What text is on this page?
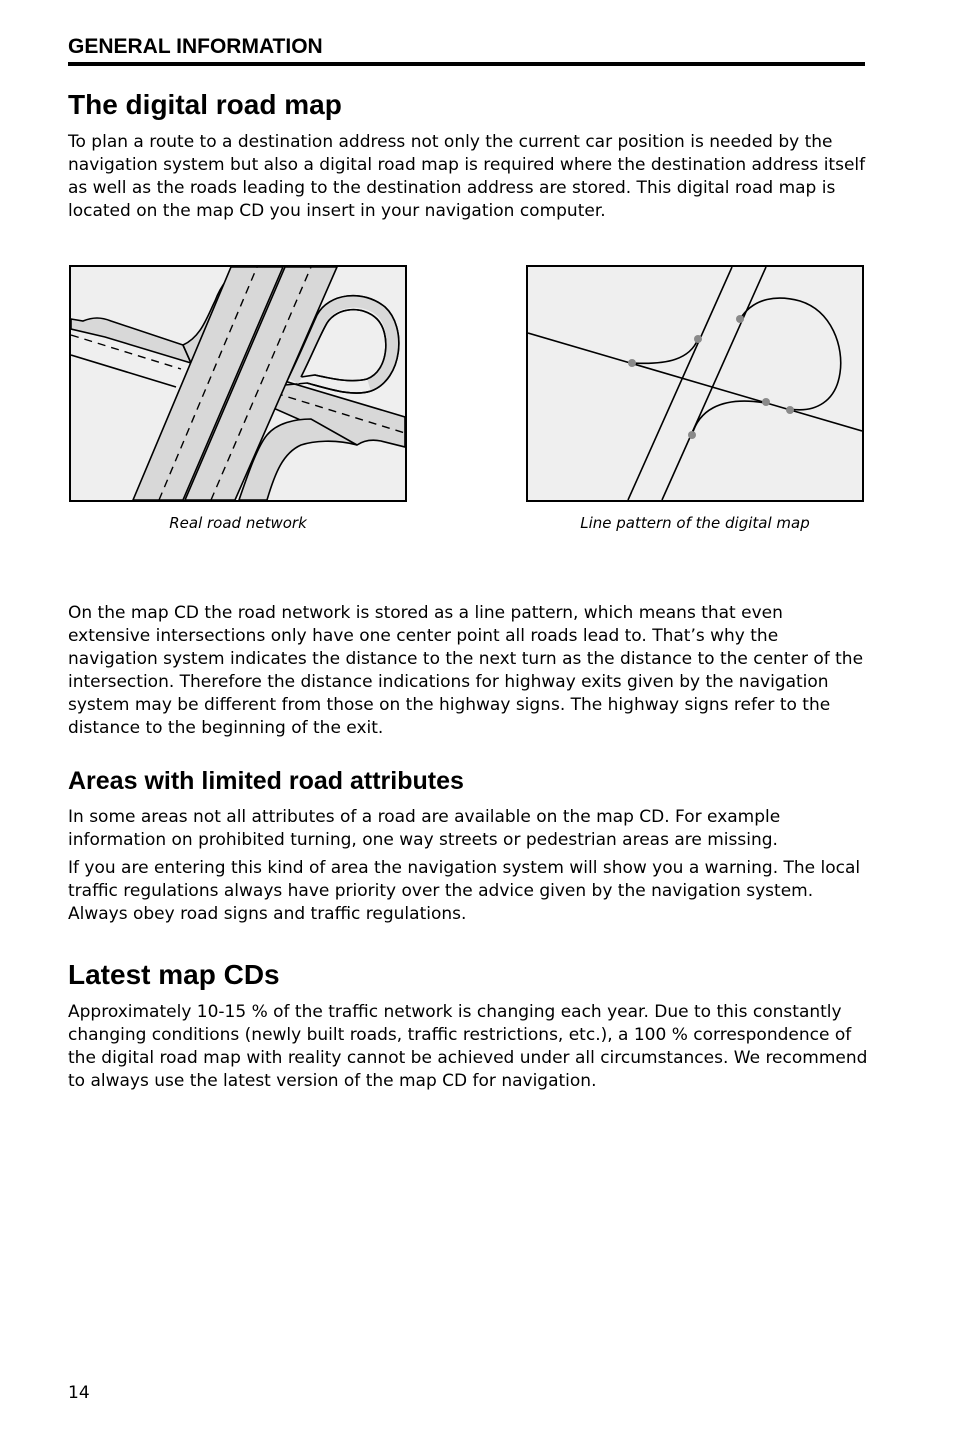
GENERAL INFORMATION
The digital road map

To plan a route to a destination address not only the current car position is needed by the navigation system but also a digital road map is required where the destination address itself as well as the roads leading to the destination address are stored. This digital road map is located on the map CD you insert in your navigation computer.

Real road network	Line pattern of the digital map

On the map CD the road network is stored as a line pattern, which means that even extensive intersections only have one center point all roads lead to. That’s why the navigation system indicates the distance to the next turn as the distance to the center of the intersection. Therefore the distance indications for highway exits given by the navigation system may be different from those on the highway signs. The highway signs refer to the distance to the beginning of the exit.

Areas with limited road attributes

In some areas not all attributes of a road are available on the map CD. For example information on prohibited turning, one way streets or pedestrian areas are missing.

If you are entering this kind of area the navigation system will show you a warning. The local traffic regulations always have priority over the advice given by the navigation system. Always obey road signs and traffic regulations.

Latest map CDs

Approximately 10-15 % of the traffic network is changing each year. Due to this constantly changing conditions (newly built roads, traffic restrictions, etc.), a 100 % correspondence of the digital road map with reality cannot be achieved under all circumstances. We recommend to always use the latest version of the map CD for navigation.

14
